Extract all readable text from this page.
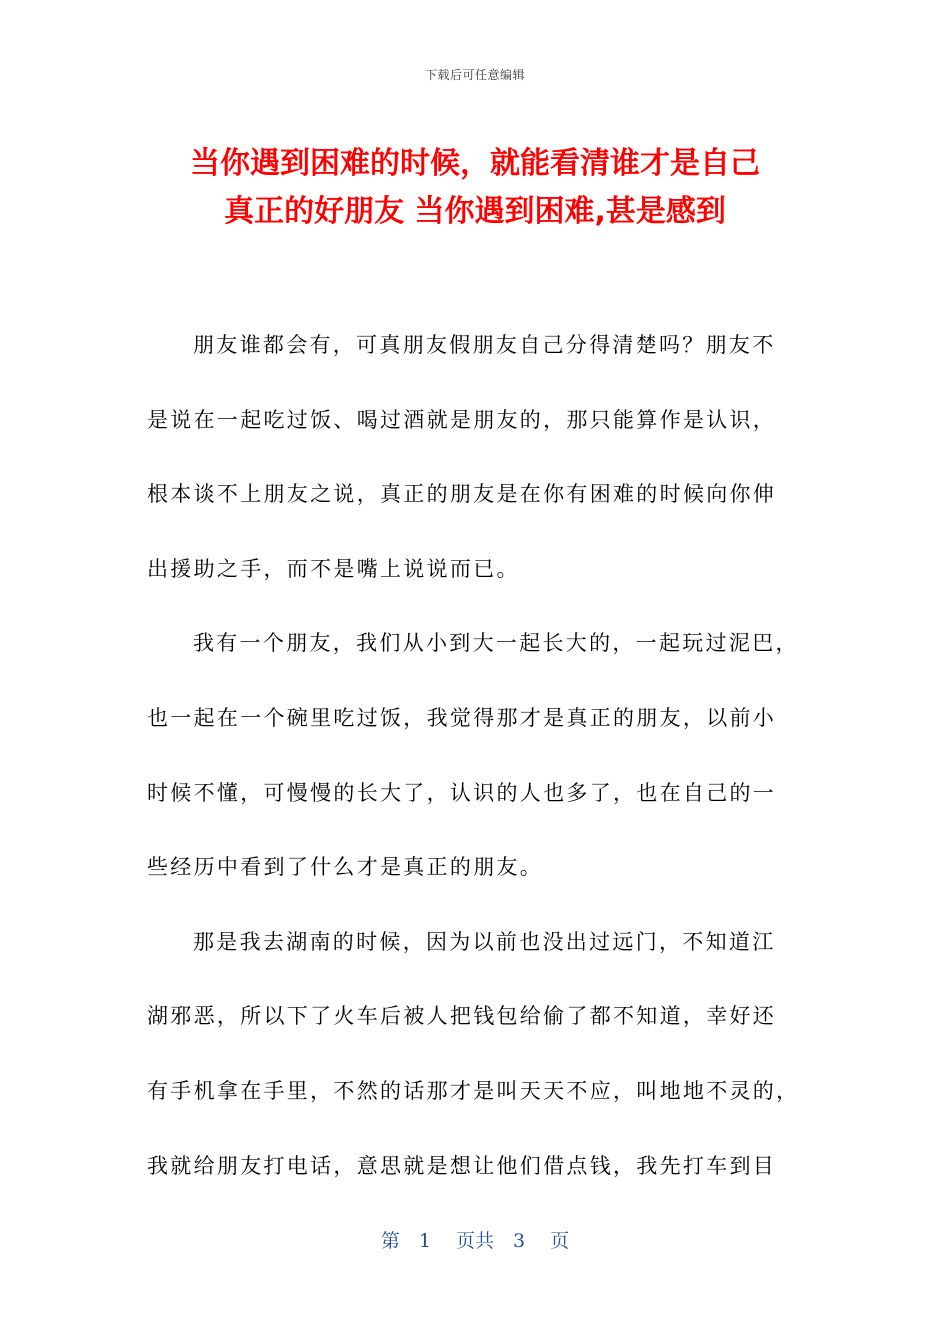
下载后可任意编辑
当你遇到困难的时候，就能看清谁才是自己
真正的好朋友 当你遇到困难,甚是感到
朋友谁都会有，可真朋友假朋友自己分得清楚吗？朋友不
是说在一起吃过饭、喝过酒就是朋友的，那只能算作是认识，
根本谈不上朋友之说，真正的朋友是在你有困难的时候向你伸
出援助之手，而不是嘴上说说而已。
我有一个朋友，我们从小到大一起长大的，一起玩过泥巴，
也一起在一个碗里吃过饭，我觉得那才是真正的朋友，以前小
时候不懂，可慢慢的长大了，认识的人也多了，也在自己的一
些经历中看到了什么才是真正的朋友。
那是我去湖南的时候，因为以前也没出过远门，不知道江
湖邪恶，所以下了火车后被人把钱包给偷了都不知道，幸好还
有手机拿在手里，不然的话那才是叫天天不应，叫地地不灵的，
我就给朋友打电话，意思就是想让他们借点钱，我先打车到目
第　1　 页共　3　 页
